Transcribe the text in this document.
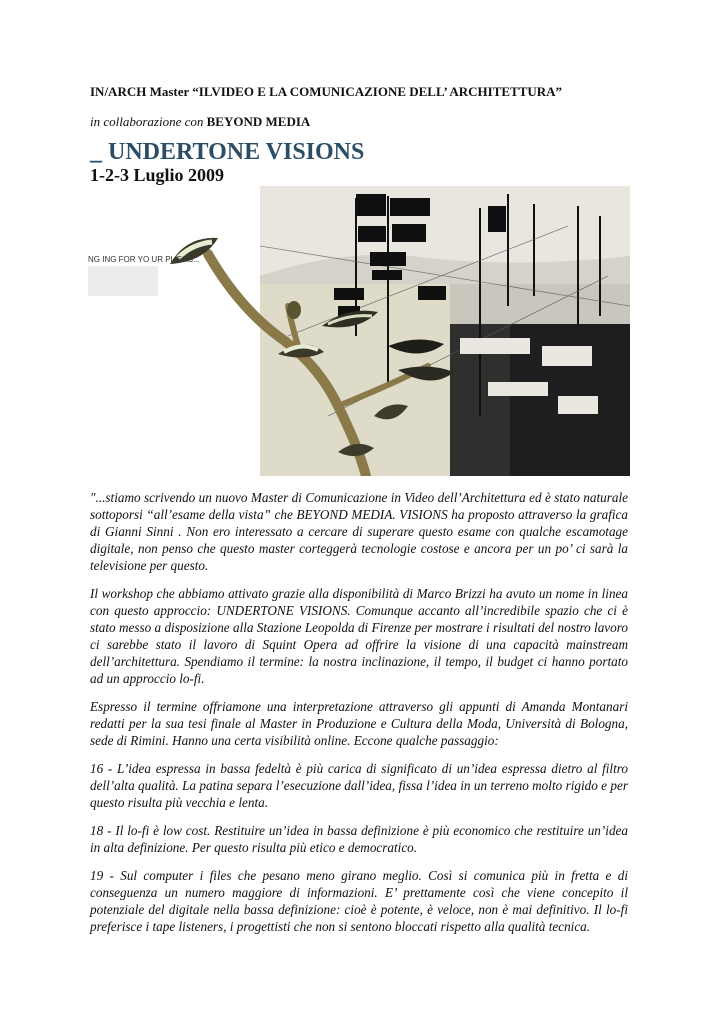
IN/ARCH Master “ILVIDEO E LA COMUNICAZIONE DELL’ ARCHITETTURA”
in collaborazione con BEYOND MEDIA
_ UNDERTONE VISIONS
1-2-3 Luglio 2009
NG ING FOR YO UR PL EAS...

"...stiamo scrivendo un nuovo Master di Comunicazione in Video dell’Architettura ed è stato naturale sottoporsi “all’esame della vista” che BEYOND MEDIA. VISIONS ha proposto attraverso la grafica di Gianni Sinni . Non ero interessato a cercare di superare questo esame con qualche escamotage digitale, non penso che questo master corteggerà tecnologie costose e ancora per un po’ ci sarà la televisione per questo.

Il workshop che abbiamo attivato grazie alla disponibilità di Marco Brizzi ha avuto un nome in linea con questo approccio: UNDERTONE VISIONS. Comunque accanto all’incredibile spazio che ci è stato messo a disposizione alla Stazione Leopolda di Firenze per mostrare i risultati del nostro lavoro ci sarebbe stato il lavoro di Squint Opera ad offrire la visione di una capacità mainstream dell’architettura. Spendiamo il termine: la nostra inclinazione, il tempo, il budget ci hanno portato ad un approccio lo-fi.

Espresso il termine offriamone una interpretazione attraverso gli appunti di Amanda Montanari redatti per la sua tesi finale al Master in Produzione e Cultura della Moda, Università di Bologna, sede di Rimini. Hanno una certa visibilità online. Eccone qualche passaggio:

16 - L’idea espressa in bassa fedeltà è più carica di significato di un’idea espressa dietro al filtro dell’alta qualità. La patina separa l’esecuzione dall’idea, fissa l’idea in un terreno molto rigido e per questo risulta più vecchia e lenta.

18 - Il lo-fi è low cost. Restituire un’idea in bassa definizione è più economico che restituire un’idea in alta definizione. Per questo risulta più etico e democratico.

19 - Sul computer i files che pesano meno girano meglio. Così si comunica più in fretta e di conseguenza un numero maggiore di informazioni. E’ prettamente così che viene concepito il potenziale del digitale nella bassa definizione: cioè è potente, è veloce, non è mai definitivo. Il lo-fi preferisce i tape listeners, i progettisti che non si sentono bloccati rispetto alla qualità tecnica.
